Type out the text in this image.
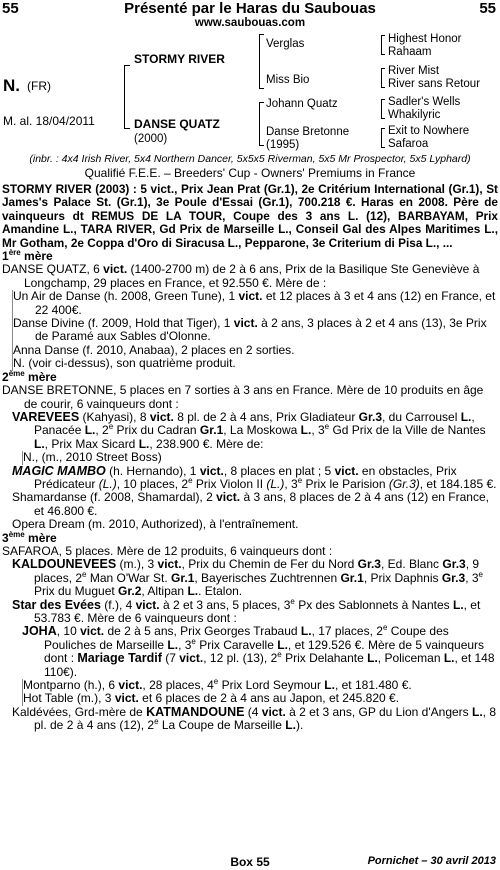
55	Présenté par le Haras du Saubouas	55
www.saubouas.com
N. (FR)
M. al. 18/04/2011
STORMY RIVER
DANSE QUATZ
(2000)
Verglas
Miss Bio
Johann Quatz
Danse Bretonne
(1995)
Highest Honor
Rahaam
River Mist
River sans Retour
Sadler's Wells
Whakilyric
Exit to Nowhere
Safaroa
(inbr. : 4x4 Irish River, 5x4 Northern Dancer, 5x5x5 Riverman, 5x5 Mr Prospector, 5x5 Lyphard)
Qualifié F.E.E. – Breeders' Cup - Owners' Premiums in France

STORMY RIVER (2003) : 5 vict., Prix Jean Prat (Gr.1), 2e Critérium International (Gr.1), St James's Palace St. (Gr.1), 3e Poule d'Essai (Gr.1), 700.218 €. Haras en 2008. Père de vainqueurs dt REMUS DE LA TOUR, Coupe des 3 ans L. (12), BARBAYAM, Prix Amandine L., TARA RIVER, Gd Prix de Marseille L., Conseil Gal des Alpes Maritimes L., Mr Gotham, 2e Coppa d'Oro di Siracusa L., Pepparone, 3e Criterium di Pisa L., ...

1ère mère

DANSE QUATZ, 6 vict. (1400-2700 m) de 2 à 6 ans, Prix de la Basilique Ste Geneviève à Longchamp, 29 places en France, et 92.550 €. Mère de :

Un Air de Danse (h. 2008, Green Tune), 1 vict. et 12 places à 3 et 4 ans (12) en France, et 22 400€.

Danse Divine (f. 2009, Hold that Tiger), 1 vict. à 2 ans, 3 places à 2 et 4 ans (13), 3e Prix de Paramé aux Sables d'Olonne.

Anna Danse (f. 2010, Anabaa), 2 places en 2 sorties.

N. (voir ci-dessus), son quatrième produit.

2ème mère

DANSE BRETONNE, 5 places en 7 sorties à 3 ans en France. Mère de 10 produits en âge de courir, 6 vainqueurs dont :

VAREVEES (Kahyasi), 8 vict. 8 pl. de 2 à 4 ans, Prix Gladiateur Gr.3, du Carrousel L., Panacée L., 2e Prix du Cadran Gr.1, La Moskowa L., 3e Gd Prix de la Ville de Nantes L., Prix Max Sicard L., 238.900 €. Mère de:

N., (m., 2010 Street Boss)

MAGIC MAMBO (h. Hernando), 1 vict., 8 places en plat ; 5 vict. en obstacles, Prix Prédicateur (L.), 10 places, 2e Prix Violon II (L.), 3e Prix le Parision (Gr.3), et 184.185 €.

Shamardanse (f. 2008, Shamardal), 2 vict. à 3 ans, 8 places de 2 à 4 ans (12) en France, et 46.800 €.

Opera Dream (m. 2010, Authorized), à l'entraînement.

3ème mère

SAFAROA, 5 places. Mère de 12 produits, 6 vainqueurs dont :

KALDOUNEVEES (m.), 3 vict., Prix du Chemin de Fer du Nord Gr.3, Ed. Blanc Gr.3, 9 places, 2e Man O'War St. Gr.1, Bayerisches Zuchtrennen Gr.1, Prix Daphnis Gr.3, 3e Prix du Muguet Gr.2, Altipan L.. Etalon.

Star des Evées (f.), 4 vict. à 2 et 3 ans, 5 places, 3e Px des Sablonnets à Nantes L., et 53.783 €. Mère de 6 vainqueurs dont :

JOHA, 10 vict. de 2 à 5 ans, Prix Georges Trabaud L., 17 places, 2e Coupe des Pouliches de Marseille L., 3e Prix Caravelle L., et 129.526 €. Mère de 5 vainqueurs dont : Mariage Tardif (7 vict., 12 pl. (13), 2e Prix Delahante L., Policeman L., et 148 110€).

Montparno (h.), 6 vict., 28 places, 4e Prix Lord Seymour L., et 181.480 €.

Hot Table (m.), 3 vict. et 6 places de 2 à 4 ans au Japon, et 245.820 €.

Kaldévées, Grd-mère de KATMANDOUNE (4 vict. à 2 et 3 ans, GP du Lion d'Angers L., 8 pl. de 2 à 4 ans (12), 2e La Coupe de Marseille L.).

Box 55	Pornichet – 30 avril 2013
